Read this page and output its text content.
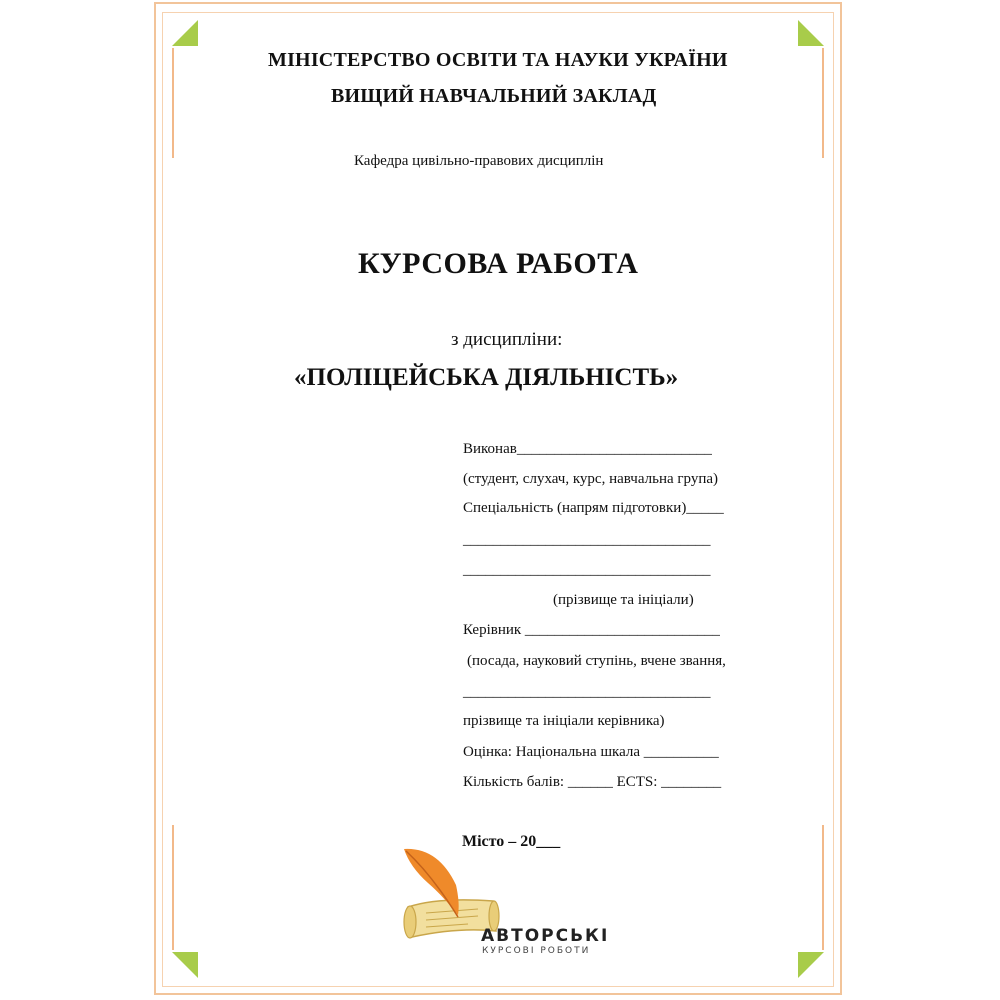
МІНІСТЕРСТВО ОСВІТИ ТА НАУКИ УКРАЇНИ
ВИЩИЙ НАВЧАЛЬНИЙ ЗАКЛАД
Кафедра цивільно-правових дисциплін
КУРСОВА РАБОТА
з дисципліни:
«ПОЛІЦЕЙСЬКА ДІЯЛЬНІСТЬ»
Виконав__________________________
(студент, слухач, курс, навчальна група)
Спеціальність (напрям підготовки)_____
_________________________________
_________________________________
(прізвище та ініціали)
Керівник __________________________
(посада, науковий ступінь, вчене звання,
_________________________________
прізвище та ініціали керівника)
Оцінка: Національна шкала __________
Кількість балів: ______ ECTS: ________
Місто – 20___
АВТОРСЬКІ
КУРСОВІ РОБОТИ
